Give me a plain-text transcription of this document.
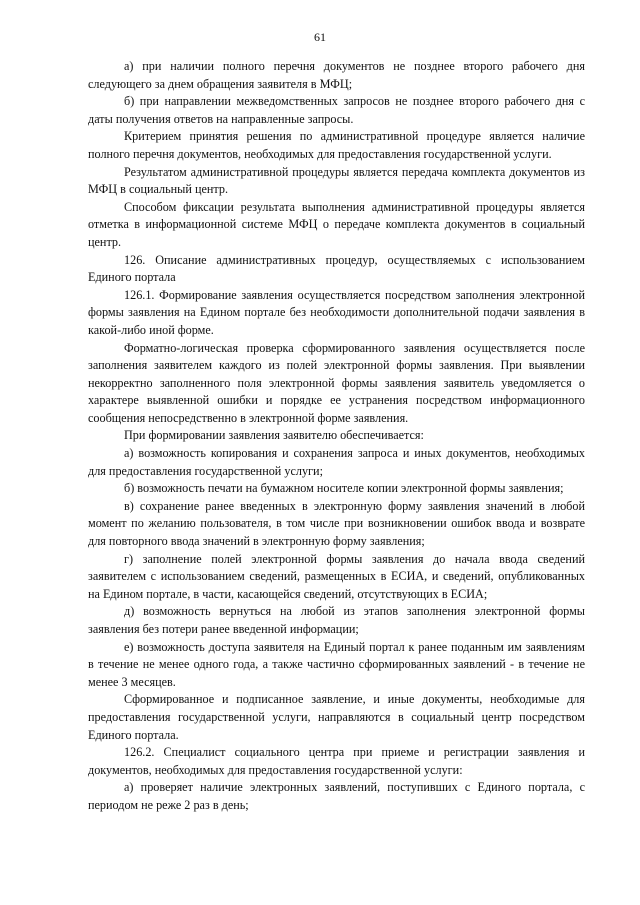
61

а) при наличии полного перечня документов не позднее второго рабочего дня следующего за днем обращения заявителя в МФЦ;

б) при направлении межведомственных запросов не позднее второго рабочего дня с даты получения ответов на направленные запросы.

Критерием принятия решения по административной процедуре является наличие полного перечня документов, необходимых для предоставления государственной услуги.

Результатом административной процедуры является передача комплекта документов из МФЦ в социальный центр.

Способом фиксации результата выполнения административной процедуры является отметка в информационной системе МФЦ о передаче комплекта документов в социальный центр.

126. Описание административных процедур, осуществляемых с использованием Единого портала

126.1. Формирование заявления осуществляется посредством заполнения электронной формы заявления на Едином портале без необходимости дополнительной подачи заявления в какой-либо иной форме.

Форматно-логическая проверка сформированного заявления осуществляется после заполнения заявителем каждого из полей электронной формы заявления. При выявлении некорректно заполненного поля электронной формы заявления заявитель уведомляется о характере выявленной ошибки и порядке ее устранения посредством информационного сообщения непосредственно в электронной форме заявления.

При формировании заявления заявителю обеспечивается:

а) возможность копирования и сохранения запроса и иных документов, необходимых для предоставления государственной услуги;

б) возможность печати на бумажном носителе копии электронной формы заявления;

в) сохранение ранее введенных в электронную форму заявления значений в любой момент по желанию пользователя, в том числе при возникновении ошибок ввода и возврате для повторного ввода значений в электронную форму заявления;

г) заполнение полей электронной формы заявления до начала ввода сведений заявителем с использованием сведений, размещенных в ЕСИА, и сведений, опубликованных на Едином портале, в части, касающейся сведений, отсутствующих в ЕСИА;

д) возможность вернуться на любой из этапов заполнения электронной формы заявления без потери ранее введенной информации;

е) возможность доступа заявителя на Единый портал к ранее поданным им заявлениям в течение не менее одного года, а также частично сформированных заявлений - в течение не менее 3 месяцев.

Сформированное и подписанное заявление, и иные документы, необходимые для предоставления государственной услуги, направляются в социальный центр посредством Единого портала.

126.2. Специалист социального центра при приеме и регистрации заявления и документов, необходимых для предоставления государственной услуги:

а) проверяет наличие электронных заявлений, поступивших с Единого портала, с периодом не реже 2 раз в день;
